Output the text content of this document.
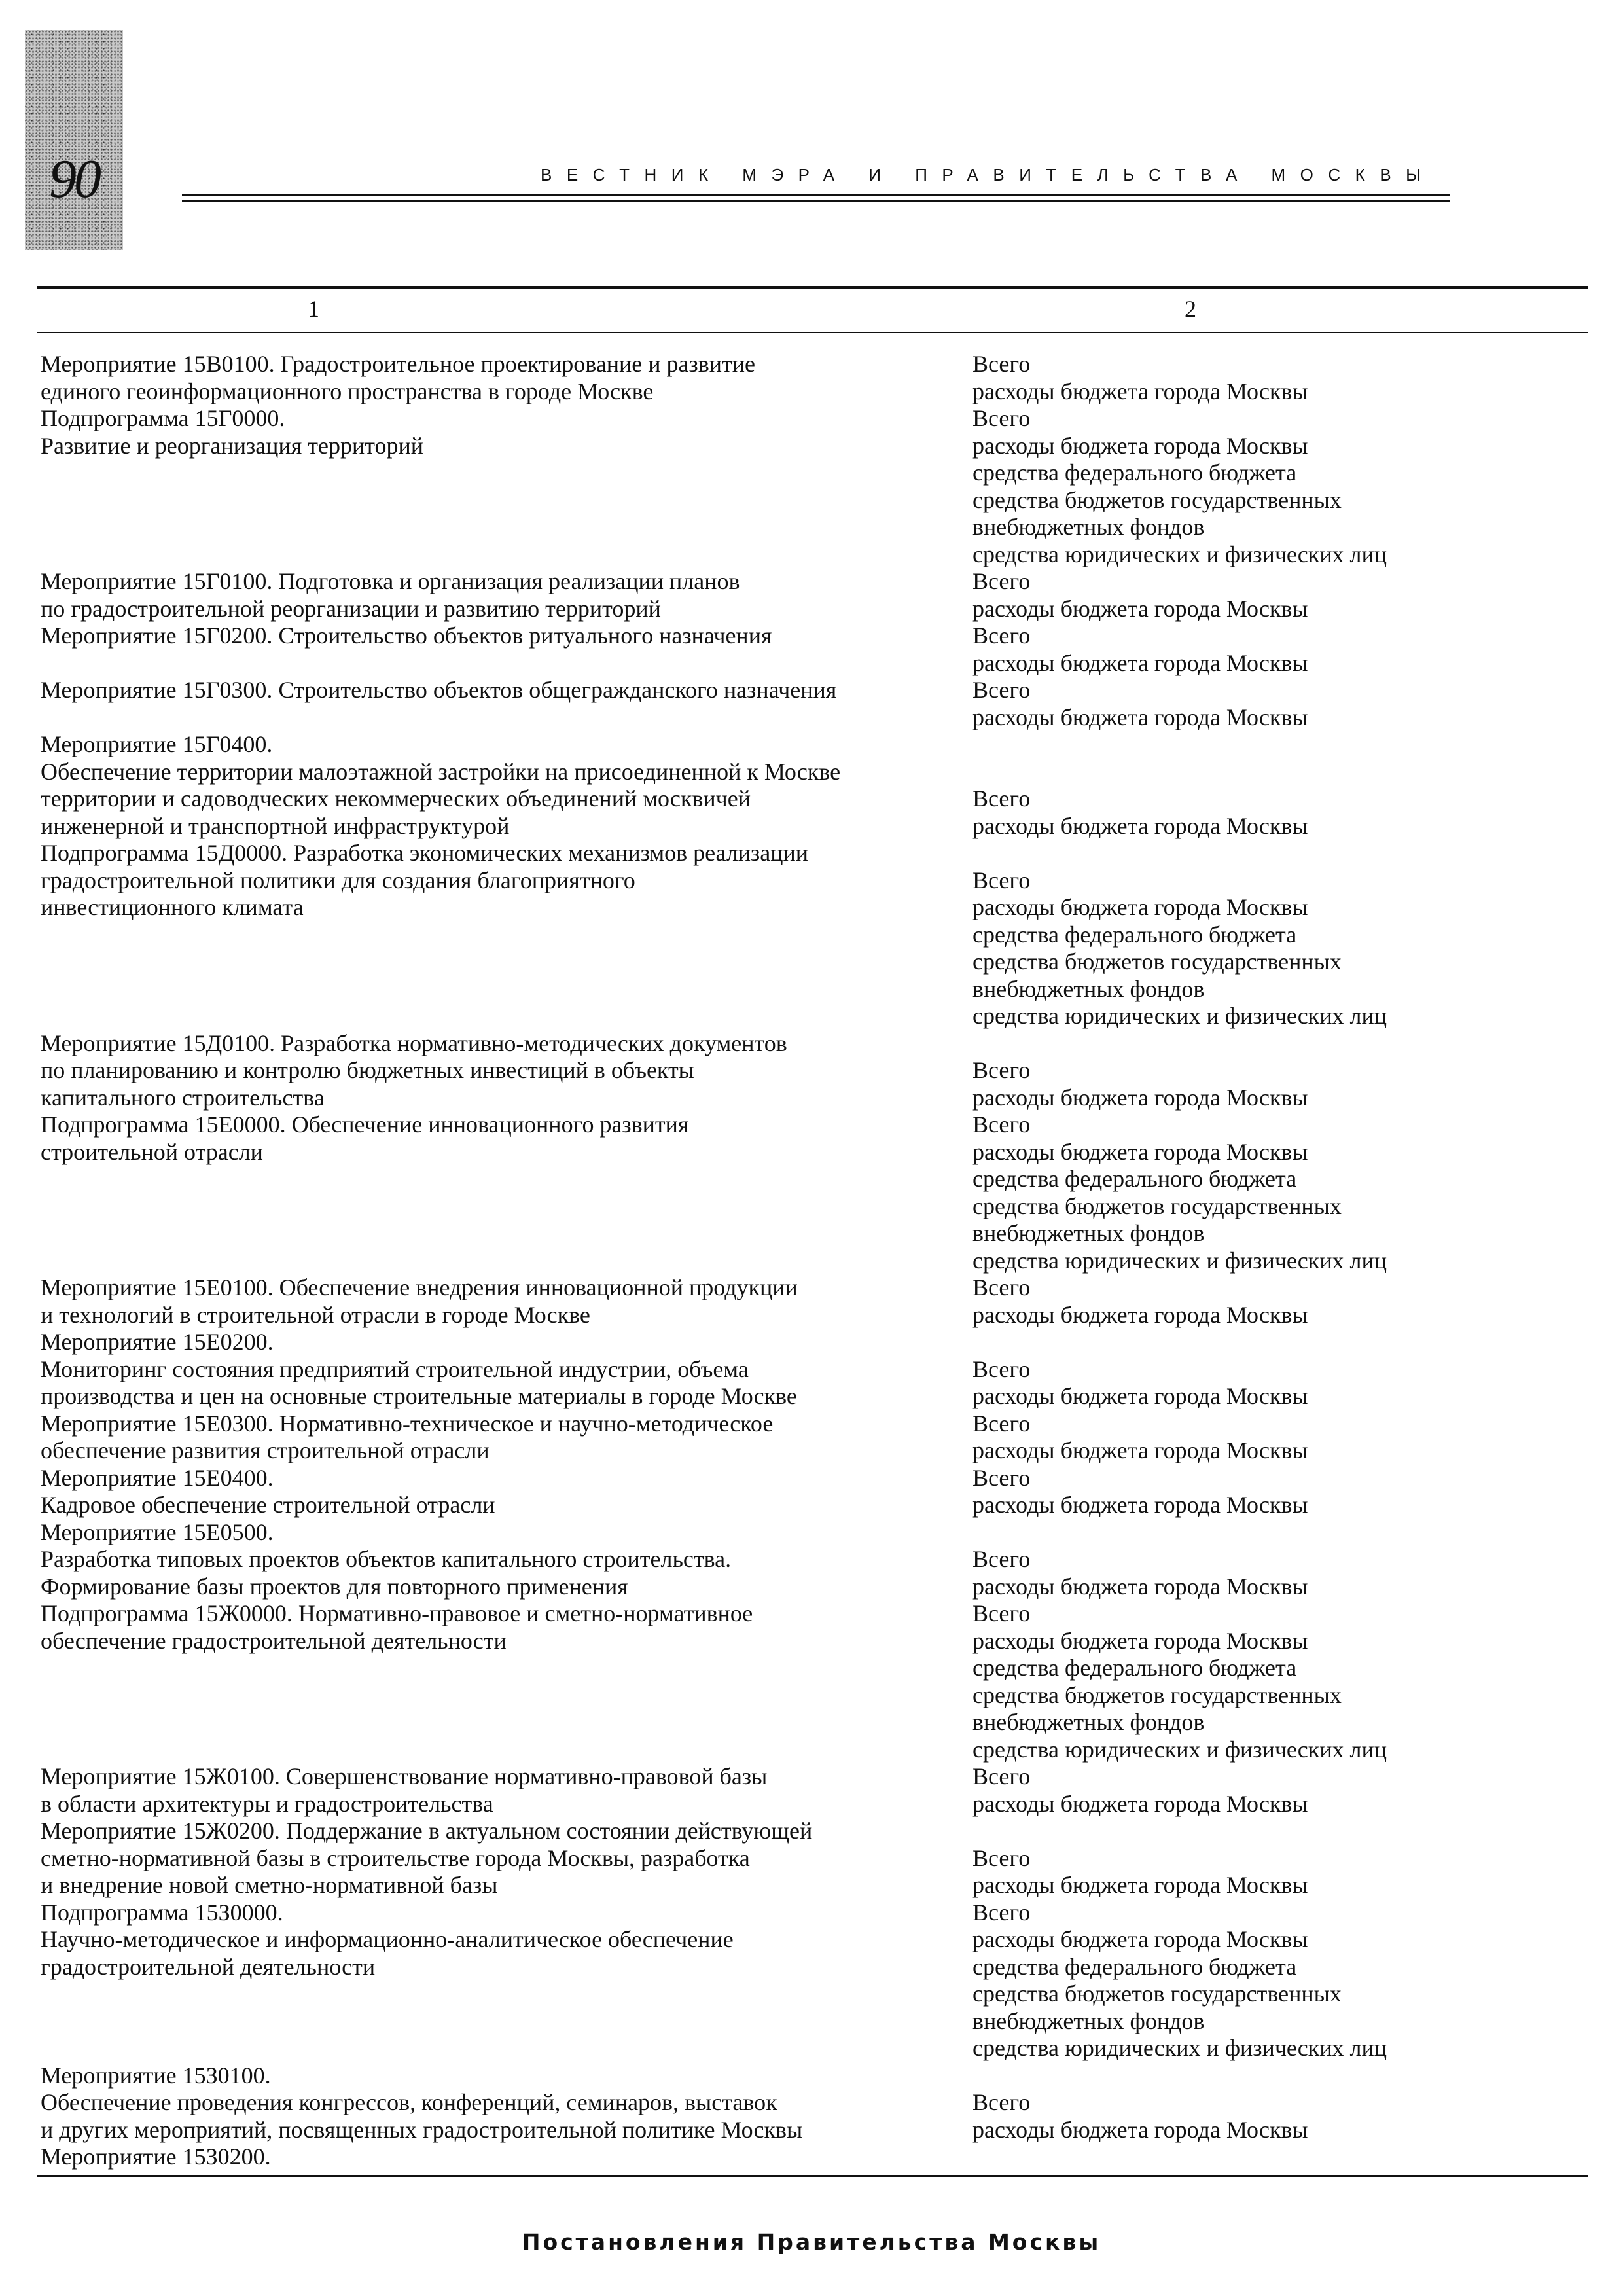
90	ВЕСТНИК МЭРА И ПРАВИТЕЛЬСТВА МОСКВЫ
1	2
Мероприятие 15В0100. Градостроительное проектирование и развитие
единого геоинформационного пространства в городе Москве
Подпрограмма 15Г0000.
Развитие и реорганизация территорий
Мероприятие 15Г0100. Подготовка и организация реализации планов
по градостроительной реорганизации и развитию территорий
Мероприятие 15Г0200. Строительство объектов ритуального назначения
Мероприятие 15Г0300. Строительство объектов общегражданского назначения
Мероприятие 15Г0400.
Обеспечение территории малоэтажной застройки на присоединенной к Москве
территории и садоводческих некоммерческих объединений москвичей
инженерной и транспортной инфраструктурой
Подпрограмма 15Д0000. Разработка экономических механизмов реализации
градостроительной политики для создания благоприятного
инвестиционного климата
Мероприятие 15Д0100. Разработка нормативно-методических документов
по планированию и контролю бюджетных инвестиций в объекты
капитального строительства
Подпрограмма 15Е0000. Обеспечение инновационного развития
строительной отрасли
Мероприятие 15Е0100. Обеспечение внедрения инновационной продукции
и технологий в строительной отрасли в городе Москве
Мероприятие 15Е0200.
Мониторинг состояния предприятий строительной индустрии, объема
производства и цен на основные строительные материалы в городе Москве
Мероприятие 15Е0300. Нормативно-техническое и научно-методическое
обеспечение развития строительной отрасли
Мероприятие 15Е0400.
Кадровое обеспечение строительной отрасли
Мероприятие 15Е0500.
Разработка типовых проектов объектов капитального строительства.
Формирование базы проектов для повторного применения
Подпрограмма 15Ж0000. Нормативно-правовое и сметно-нормативное
обеспечение градостроительной деятельности
Мероприятие 15Ж0100. Совершенствование нормативно-правовой базы
в области архитектуры и градостроительства
Мероприятие 15Ж0200. Поддержание в актуальном состоянии действующей
сметно-нормативной базы в строительстве города Москвы, разработка
и внедрение новой сметно-нормативной базы
Подпрограмма 15З0000.
Научно-методическое и информационно-аналитическое обеспечение
градостроительной деятельности
Мероприятие 15З0100.
Обеспечение проведения конгрессов, конференций, семинаров, выставок
и других мероприятий, посвященных градостроительной политике Москвы
Мероприятие 15З0200.
Всего
расходы бюджета города Москвы
Всего
расходы бюджета города Москвы
средства федерального бюджета
средства бюджетов государственных
внебюджетных фондов
средства юридических и физических лиц
Всего
расходы бюджета города Москвы
Всего
расходы бюджета города Москвы
Всего
расходы бюджета города Москвы
Всего
расходы бюджета города Москвы
Всего
расходы бюджета города Москвы
средства федерального бюджета
средства бюджетов государственных
внебюджетных фондов
средства юридических и физических лиц
Всего
расходы бюджета города Москвы
Всего
расходы бюджета города Москвы
средства федерального бюджета
средства бюджетов государственных
внебюджетных фондов
средства юридических и физических лиц
Всего
расходы бюджета города Москвы
Всего
расходы бюджета города Москвы
Всего
расходы бюджета города Москвы
Всего
расходы бюджета города Москвы
Всего
расходы бюджета города Москвы
Всего
расходы бюджета города Москвы
средства федерального бюджета
средства бюджетов государственных
внебюджетных фондов
средства юридических и физических лиц
Всего
расходы бюджета города Москвы
Всего
расходы бюджета города Москвы
Всего
расходы бюджета города Москвы
средства федерального бюджета
средства бюджетов государственных
внебюджетных фондов
средства юридических и физических лиц
Всего
расходы бюджета города Москвы
Постановления Правительства Москвы
